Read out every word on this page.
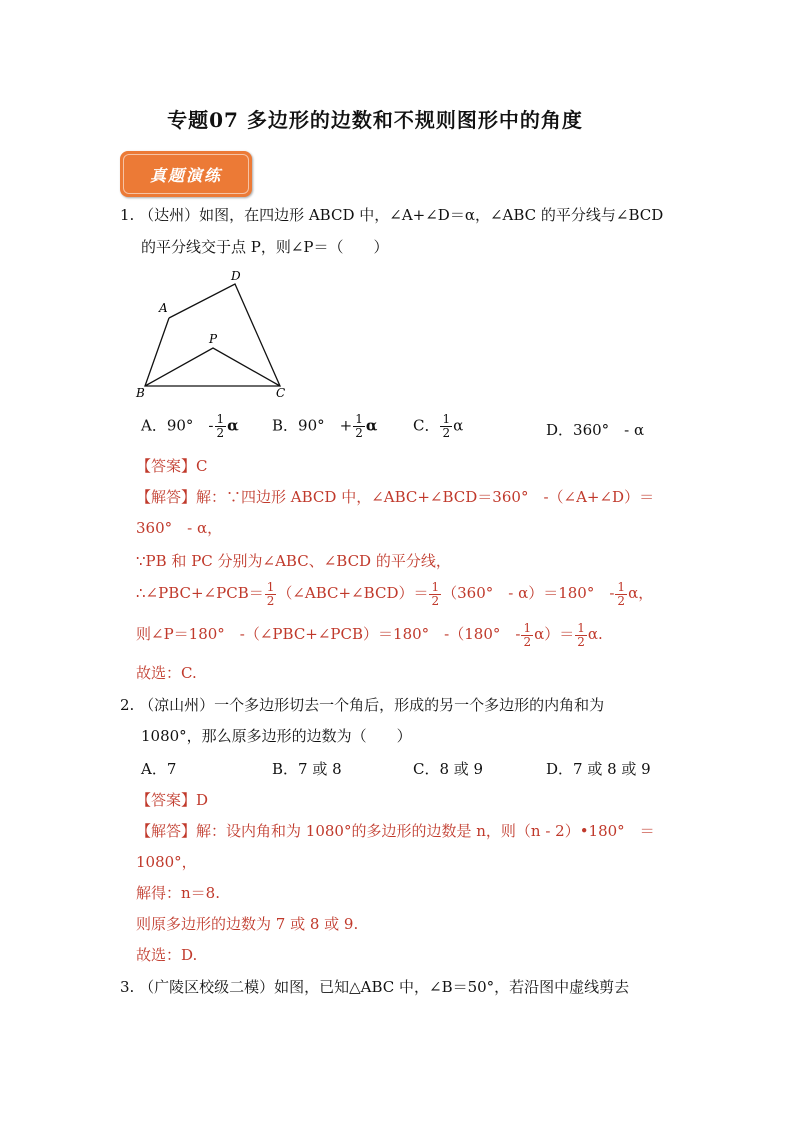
专题07 多边形的边数和不规则图形中的角度
真题演练
1. （达州）如图，在四边形 ABCD 中，∠A+∠D＝α，∠ABC 的平分线与∠BCD
的平分线交于点 P，则∠P＝（　　）
A
D
P
B	C
A．90°　- $\frac{1}{2}$ α B．90°　+ $\frac{1}{2}$ α C． $\frac{1}{2}$ α	D．360°　- α
【答案】C
【解答】解：∵四边形 ABCD 中，∠ABC+∠BCD＝360°　-（∠A+∠D）＝
360°　- α，
∵PB 和 PC 分别为∠ABC、∠BCD 的平分线，
∴∠PBC+∠PCB＝ $\frac{1}{2}$ （∠ABC+∠BCD）＝ $\frac{1}{2} (360^\circ$　- α）＝180°　- $\frac{1}{2}$ α，
则∠P＝180°　-（∠PBC+∠PCB）＝180°　-（180°　- $\frac{1}{2} \alpha)= \frac{1}{2} \alpha$.
故选：C.
2. （凉山州）一个多边形切去一个角后，形成的另一个多边形的内角和为
1080°，那么原多边形的边数为（　　）
A．7	B．7 或 8	C．8 或 9	D．7 或 8 或 9
【答案】D
【解答】解：设内角和为 1080°的多边形的边数是 n，则（n - 2）•180°　＝
1080°，
解得：n＝8.
则原多边形的边数为 7 或 8 或 9.
故选：D.
3. （广陵区校级二模）如图，已知△ABC 中，∠B＝50°，若沿图中虚线剪去
